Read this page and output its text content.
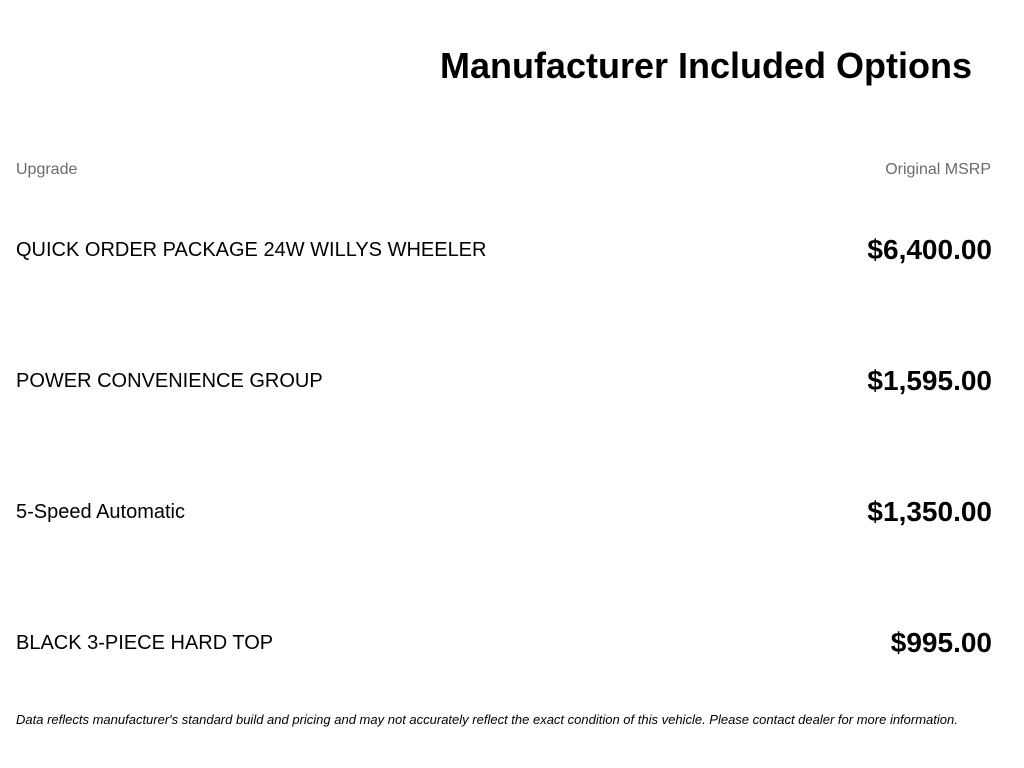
Manufacturer Included Options
Upgrade	Original MSRP
QUICK ORDER PACKAGE 24W WILLYS WHEELER	$6,400.00
POWER CONVENIENCE GROUP	$1,595.00
5-Speed Automatic	$1,350.00
BLACK 3-PIECE HARD TOP	$995.00
Data reflects manufacturer's standard build and pricing and may not accurately reflect the exact condition of this vehicle. Please contact dealer for more information.
